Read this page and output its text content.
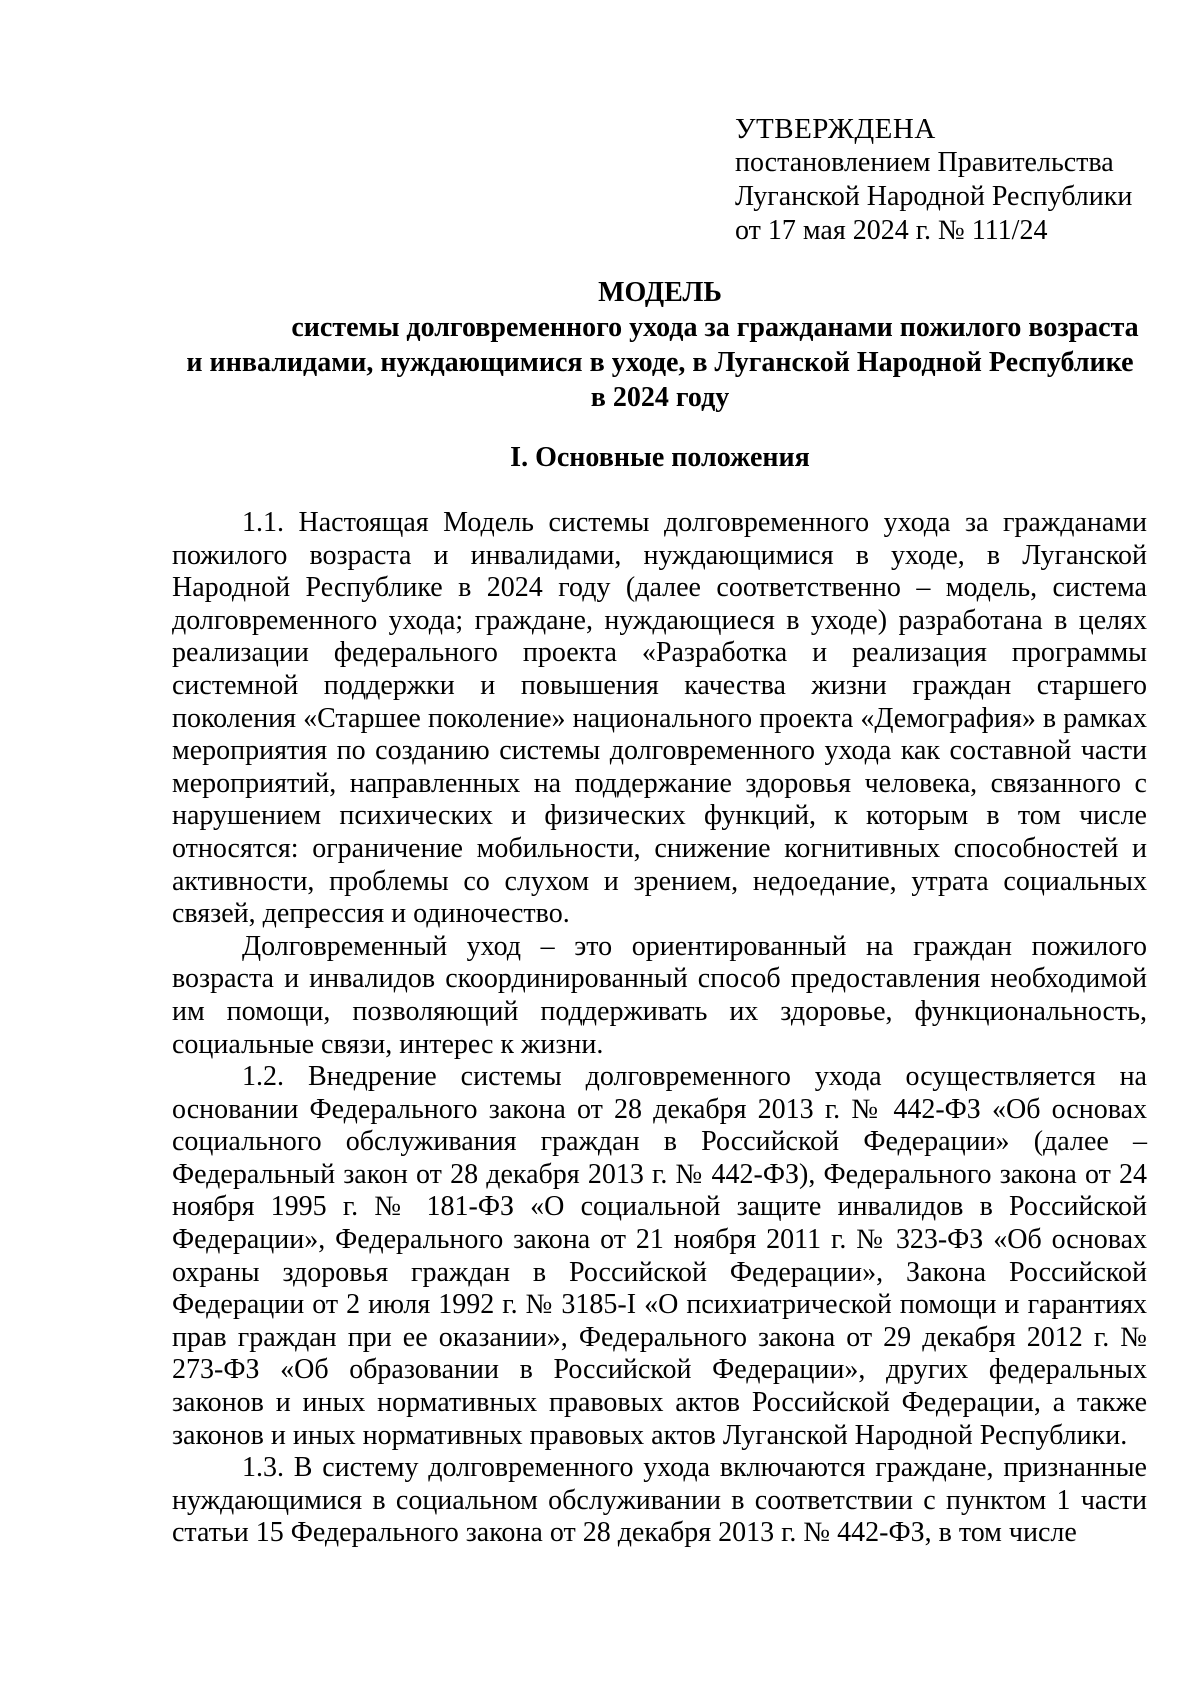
УТВЕРЖДЕНА
постановлением Правительства
Луганской Народной Республики
от 17 мая 2024 г. № 111/24
МОДЕЛЬ
системы долговременного ухода за гражданами пожилого возраста
и инвалидами, нуждающимися в уходе, в Луганской Народной Республике
в 2024 году
I. Основные положения

1.1. Настоящая Модель системы долговременного ухода за гражданами пожилого возраста и инвалидами, нуждающимися в уходе, в Луганской Народной Республике в 2024 году (далее соответственно – модель, система долговременного ухода; граждане, нуждающиеся в уходе) разработана в целях реализации федерального проекта «Разработка и реализация программы системной поддержки и повышения качества жизни граждан старшего поколения «Старшее поколение» национального проекта «Демография» в рамках мероприятия по созданию системы долговременного ухода как составной части мероприятий, направленных на поддержание здоровья человека, связанного с нарушением психических и физических функций, к которым в том числе относятся: ограничение мобильности, снижение когнитивных способностей и активности, проблемы со слухом и зрением, недоедание, утрата социальных связей, депрессия и одиночество.

Долговременный уход – это ориентированный на граждан пожилого возраста и инвалидов скоординированный способ предоставления необходимой им помощи, позволяющий поддерживать их здоровье, функциональность, социальные связи, интерес к жизни.

1.2. Внедрение системы долговременного ухода осуществляется на основании Федерального закона от 28 декабря 2013 г. № 442-ФЗ «Об основах социального обслуживания граждан в Российской Федерации» (далее – Федеральный закон от 28 декабря 2013 г. № 442-ФЗ), Федерального закона от 24 ноября 1995 г. № 181-ФЗ «О социальной защите инвалидов в Российской Федерации», Федерального закона от 21 ноября 2011 г. № 323-ФЗ «Об основах охраны здоровья граждан в Российской Федерации», Закона Российской Федерации от 2 июля 1992 г. № 3185-I «О психиатрической помощи и гарантиях прав граждан при ее оказании», Федерального закона от 29 декабря 2012 г. № 273-ФЗ «Об образовании в Российской Федерации», других федеральных законов и иных нормативных правовых актов Российской Федерации, а также законов и иных нормативных правовых актов Луганской Народной Республики.

1.3. В систему долговременного ухода включаются граждане, признанные нуждающимися в социальном обслуживании в соответствии с пунктом 1 части статьи 15 Федерального закона от 28 декабря 2013 г. № 442-ФЗ, в том числе
